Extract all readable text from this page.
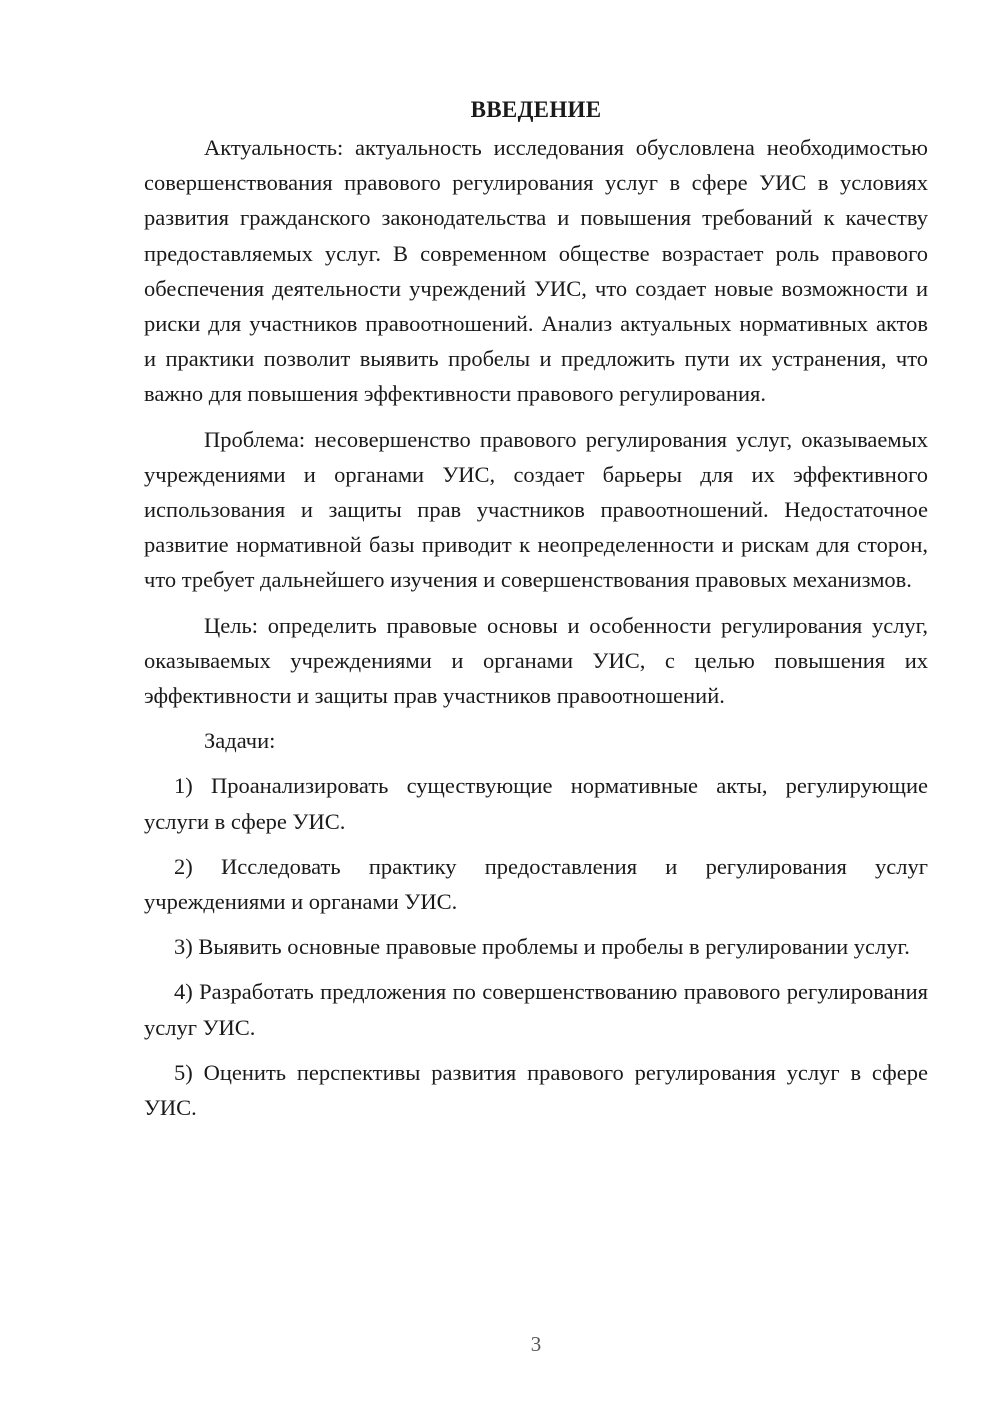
ВВЕДЕНИЕ

Актуальность: актуальность исследования обусловлена необходимостью совершенствования правового регулирования услуг в сфере УИС в условиях развития гражданского законодательства и повышения требований к качеству предоставляемых услуг. В современном обществе возрастает роль правового обеспечения деятельности учреждений УИС, что создает новые возможности и риски для участников правоотношений. Анализ актуальных нормативных актов и практики позволит выявить пробелы и предложить пути их устранения, что важно для повышения эффективности правового регулирования.

Проблема: несовершенство правового регулирования услуг, оказываемых учреждениями и органами УИС, создает барьеры для их эффективного использования и защиты прав участников правоотношений. Недостаточное развитие нормативной базы приводит к неопределенности и рискам для сторон, что требует дальнейшего изучения и совершенствования правовых механизмов.

Цель: определить правовые основы и особенности регулирования услуг, оказываемых учреждениями и органами УИС, с целью повышения их эффективности и защиты прав участников правоотношений.

Задачи:

1) Проанализировать существующие нормативные акты, регулирующие услуги в сфере УИС.

2) Исследовать практику предоставления и регулирования услуг учреждениями и органами УИС.

3) Выявить основные правовые проблемы и пробелы в регулировании услуг.

4) Разработать предложения по совершенствованию правового регулирования услуг УИС.

5) Оценить перспективы развития правового регулирования услуг в сфере УИС.

3
